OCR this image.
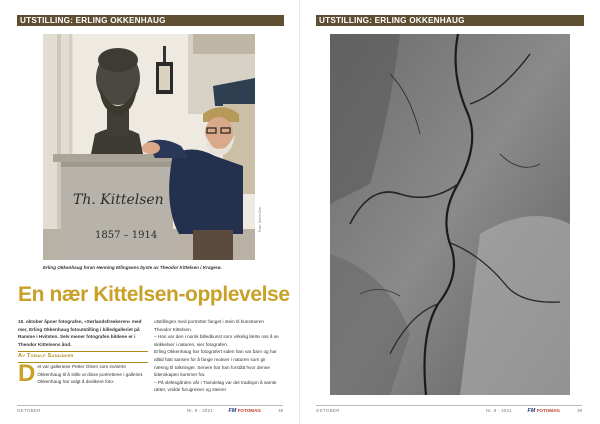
UTSTILLING: ERLING OKKENHAUG
Th. Kittelsen
1857 – 1914
Foto: Svein Ove
Erling Okkenhaug foran Henning Ellingsens byste av Theodor Kittelsen i Kragerø.
En nær Kittelsen-opplevelse

10. oktober åpner fotografen, «Sørlandsfreskeren» med mer, Erling Okkenhaug fotoutstilling i billedgalleriet på Ramme i Hvitsten. Selv mener fotografen bildene er i Theodor Kittelsens ånd.

Av Toralf Sandåker

Det var gallerieier Petter Olsen som inviterte Okkenhaug til å stille ut disse portrettene i galleriet. Okkenhaug har valgt å dedikere foto-

utstillingen med portretter fanget i stein til kunstneren Theodor Kittelsen.

– Han var den i norsk billedkunst som virkelig lærte oss å se skikkelser i naturen, sier fotografen.

Erling Okkenhaug har fotografert siden han var barn og har alltid hatt sansen for å fange motiver i naturen som gir næring til tolkninger. Senere har han forstått hvor denne lidenskapen kommer fra.

– På slektsgården vår i Trøndelag var det tradisjon å samle røtter, vridde furugreiner og steiner

OKTOBER	Nr. 8 · 2021	FM FOTOMAG	48
UTSTILLING: ERLING OKKENHAUG
OKTOBER	Nr. 8 · 2021	FM FOTOMAG	49
